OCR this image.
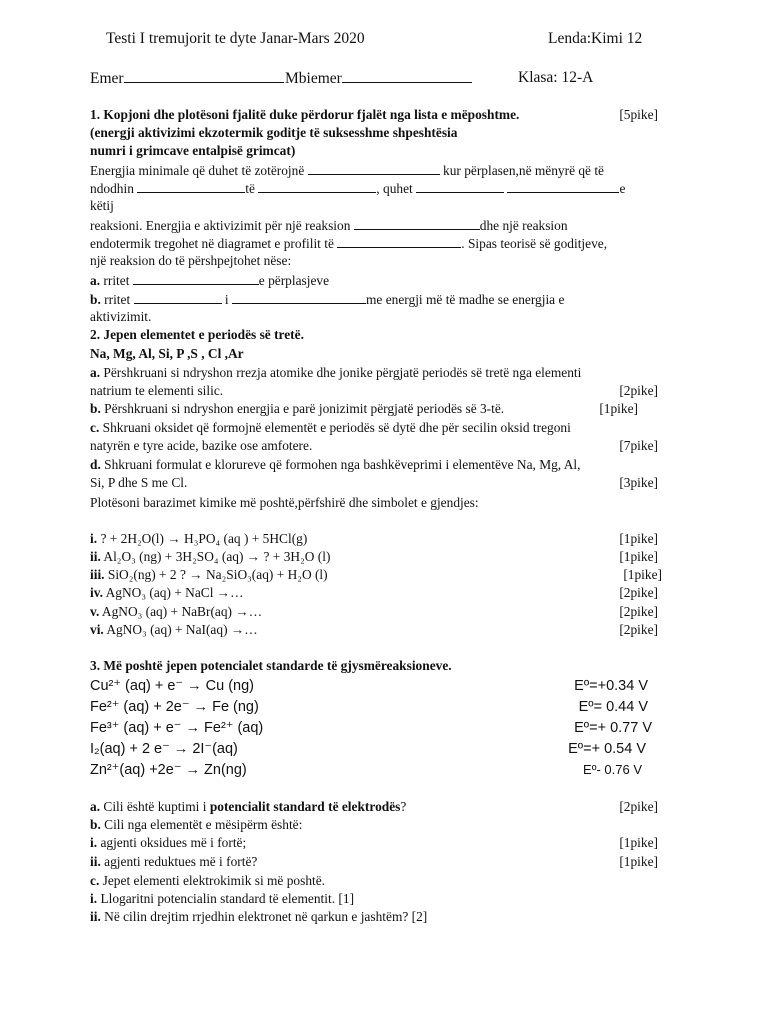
Testi I tremujorit te dyte Janar-Mars 2020	Lenda:Kimi 12
Emer	Mbiemer	Klasa: 12-A
1. Kopjoni dhe plotësoni fjalitë duke përdorur fjalët nga lista e mëposhtme.	[5pike]
(energji aktivizimi ekzotermik goditje të suksesshme shpeshtësia
numri i grimcave entalpisë grimcat)
Energjia minimale që duhet të zotërojnë	kur përplasen,në mënyrë që të
ndodhin	të	, quhet	e
këtij
reaksioni. Energjia e aktivizimit për një reaksion	dhe një reaksion
endotermik tregohet në diagramet e profilit të	. Sipas teorisë së goditjeve,
një reaksion do të përshpejtohet nëse:
a. rritet	e përplasjeve
b. rritet	i	me energji më të madhe se energjia e
aktivizimit.
2. Jepen elementet e periodës së tretë.
Na, Mg, Al, Si, P ,S , Cl ,Ar
a. Përshkruani si ndryshon rrezja atomike dhe jonike përgjatë periodës së tretë nga elementi
natrium te elementi silic.	[2pike]
b. Përshkruani si ndryshon energjia e parë jonizimit përgjatë periodës së 3-të.	[1pike]
c. Shkruani oksidet që formojnë elementët e periodës së dytë dhe për secilin oksid tregoni
natyrën e tyre acide, bazike ose amfotere.	[7pike]
d. Shkruani formulat e klorureve që formohen nga bashkëveprimi i elementëve Na, Mg, Al,
Si, P dhe S me Cl.	[3pike]
Plotësoni barazimet kimike më poshtë,përfshirë dhe simbolet e gjendjes:
i. ? + 2H₂O(l) → H₃PO₄ (aq ) + 5HCl(g)	[1pike]
ii. Al₂O₃ (ng) + 3H₂SO₄ (aq) → ? + 3H₂O (l)	[1pike]
iii. SiO₂(ng) + 2 ? → Na₂SiO₃(aq) + H₂O (l)	[1pike]
iv. AgNO₃ (aq) + NaCl →…	[2pike]
v. AgNO₃ (aq) + NaBr(aq) →…	[2pike]
vi. AgNO₃ (aq) + NaI(aq) →…	[2pike]
3. Më poshtë jepen potencialet standarde të gjysmëreaksioneve.
Cu²⁺ (aq) + e⁻ → Cu (ng)	Eº=+0.34 V
Fe²⁺ (aq) + 2e⁻ → Fe (ng)	Eº= 0.44 V
Fe³⁺ (aq) + e⁻ → Fe²⁺ (aq)	Eº=+ 0.77 V
I₂(aq) + 2 e⁻ → 2I⁻(aq)	Eº=+ 0.54 V
Zn²⁺(aq) +2e⁻ → Zn(ng)	Eº- 0.76 V
a. Cili është kuptimi i potencialit standard të elektrodës?	[2pike]
b. Cili nga elementët e mësipërm është:
i. agjenti oksidues më i fortë;	[1pike]
ii. agjenti reduktues më i fortë?	[1pike]
c. Jepet elementi elektrokimik si më poshtë.
i. Llogaritni potencialin standard të elementit. [1]
ii. Në cilin drejtim rrjedhin elektronet në qarkun e jashtëm? [2]
